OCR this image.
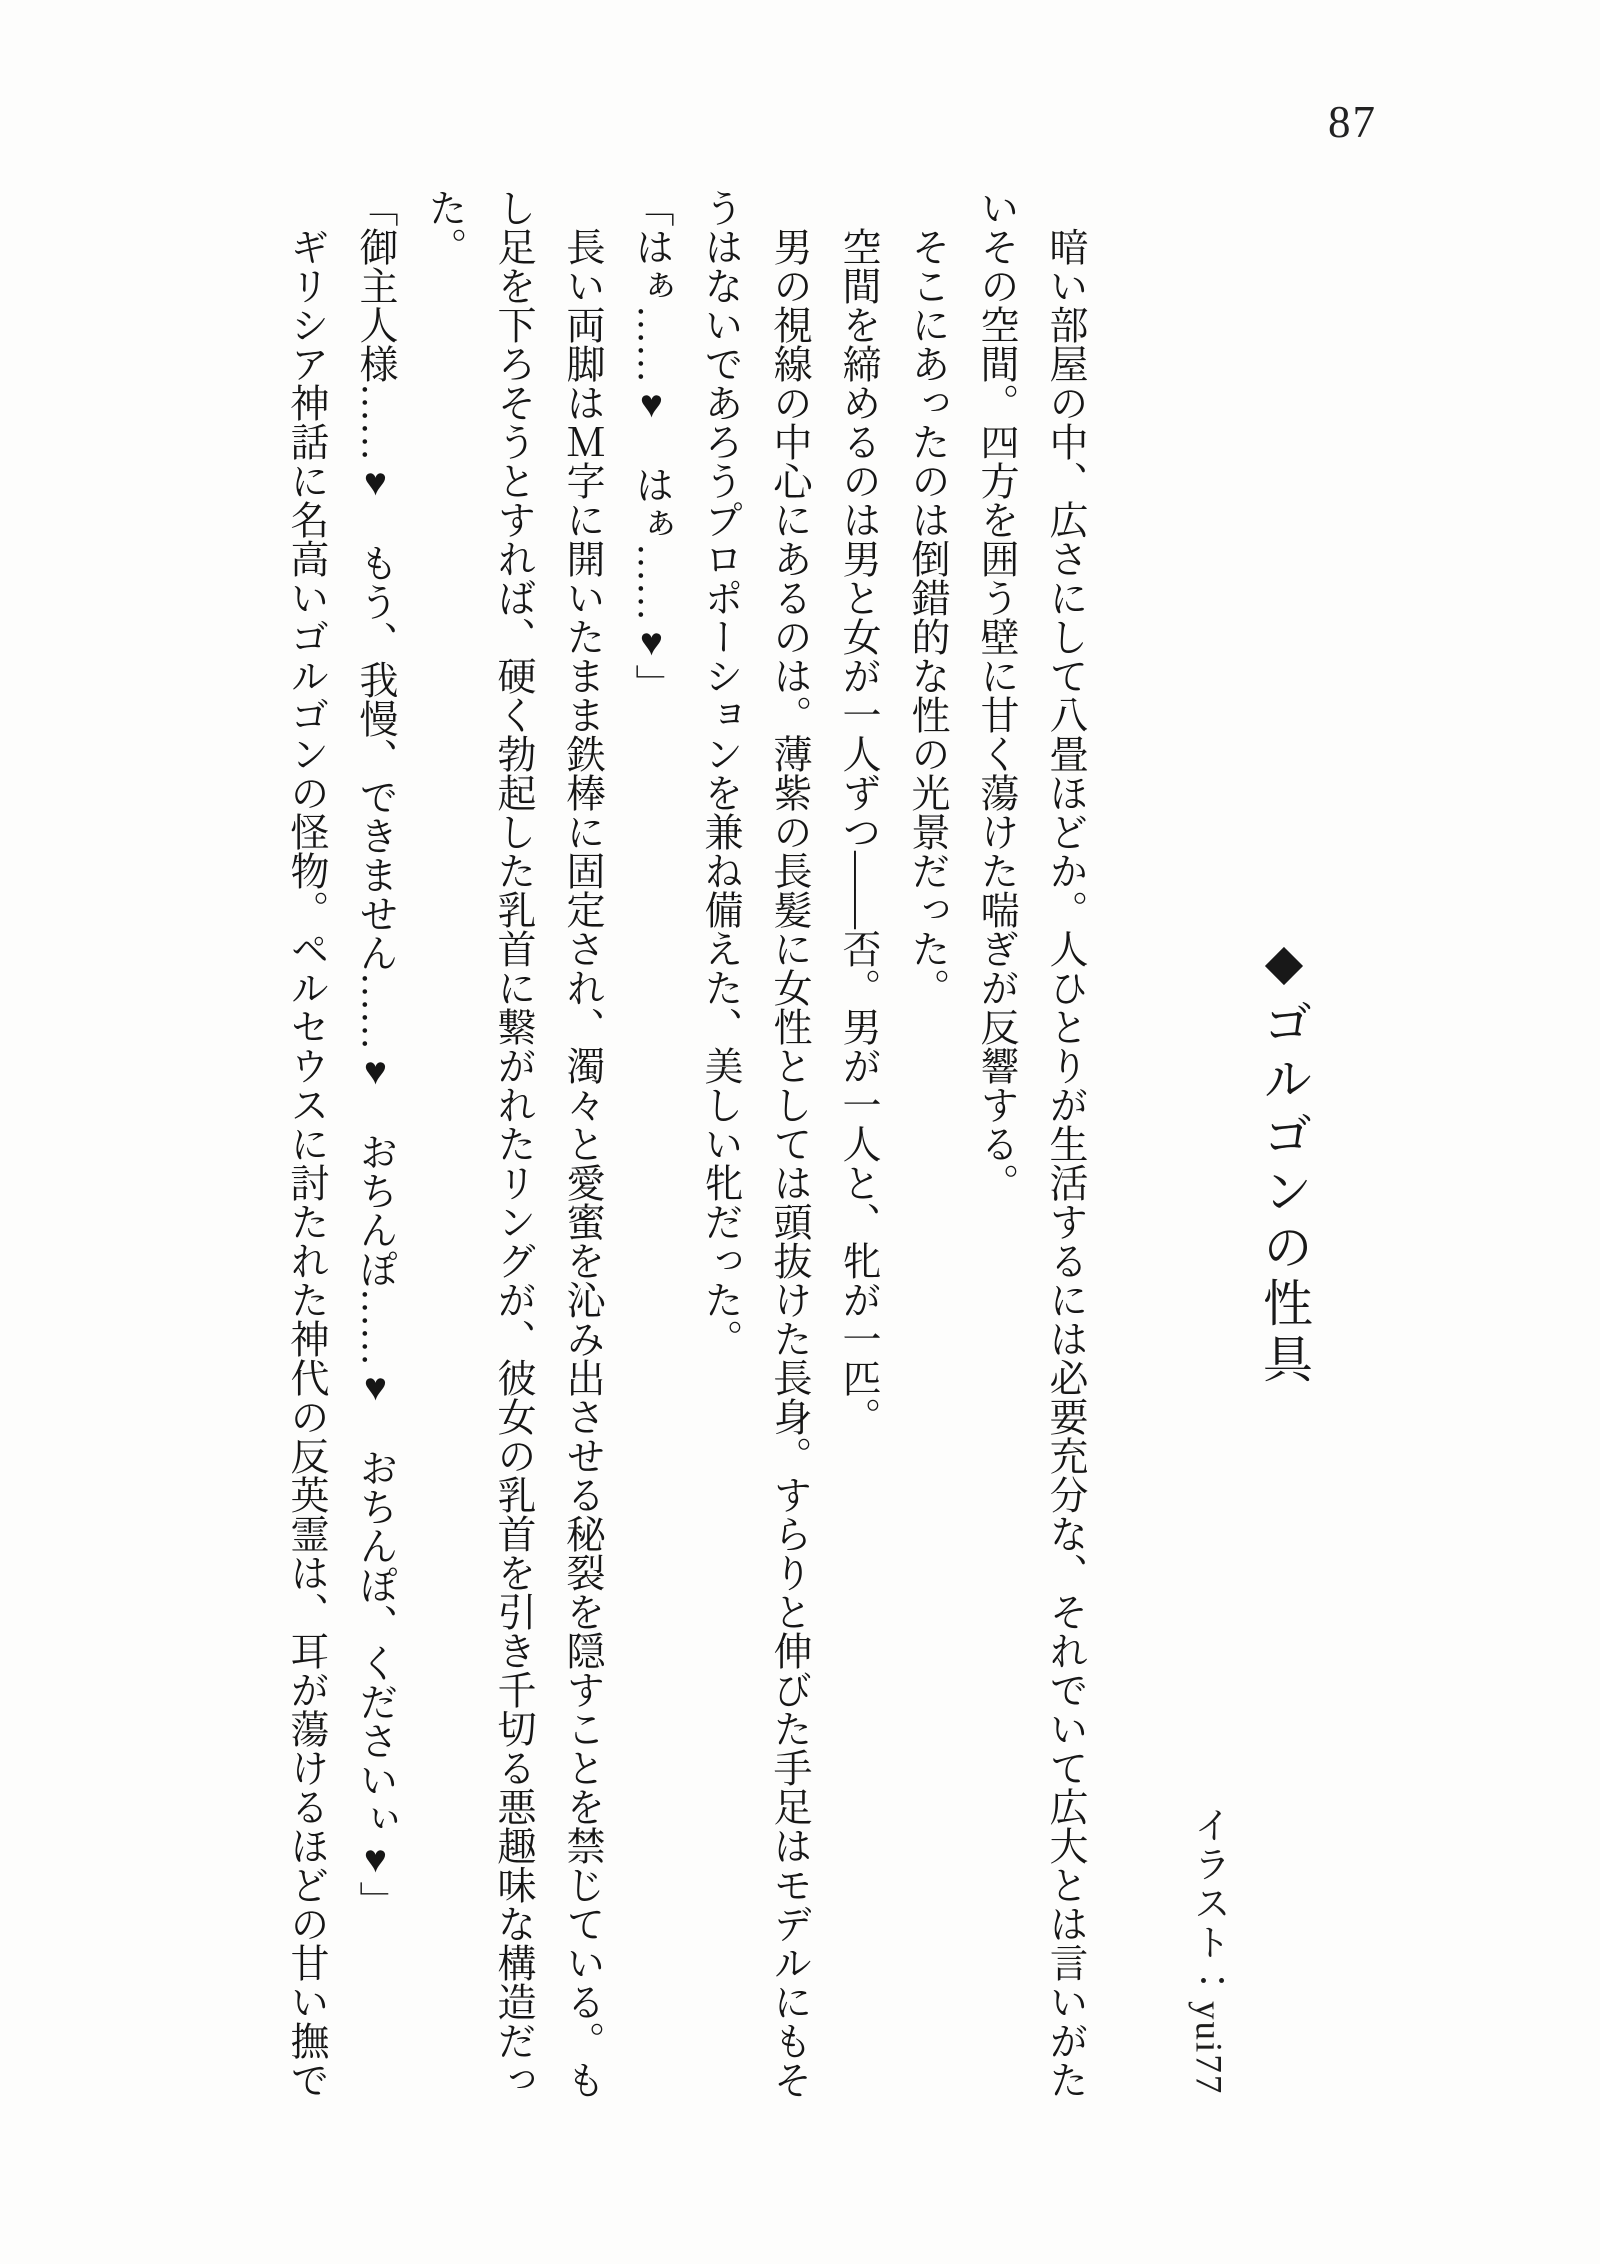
87
◆ゴルゴンの性具
イラスト：yui77

暗い部屋の中、広さにして八畳ほどか。人ひとりが生活するには必要充分な、それでいて広大とは言いがたいその空間。四方を囲う壁に甘く蕩けた喘ぎが反響する。

そこにあったのは倒錯的な性の光景だった。

空間を締めるのは男と女が一人ずつ――否。男が一人と、牝が一匹。

男の視線の中心にあるのは。薄紫の長髪に女性としては頭抜けた長身。すらりと伸びた手足はモデルにもそうはないであろうプロポーションを兼ね備えた、美しい牝だった。

「はぁ……♥　はぁ……♥」

長い両脚はＭ字に開いたまま鉄棒に固定され、濁々と愛蜜を沁み出させる秘裂を隠すことを禁じている。もし足を下ろそうとすれば、硬く勃起した乳首に繋がれたリングが、彼女の乳首を引き千切る悪趣味な構造だった。

「御主人様……♥　もう、我慢、できません……♥　おちんぽ……♥　おちんぽ、くださいぃ♥」

ギリシア神話に名高いゴルゴンの怪物。ペルセウスに討たれた神代の反英霊は、耳が蕩けるほどの甘い撫で
